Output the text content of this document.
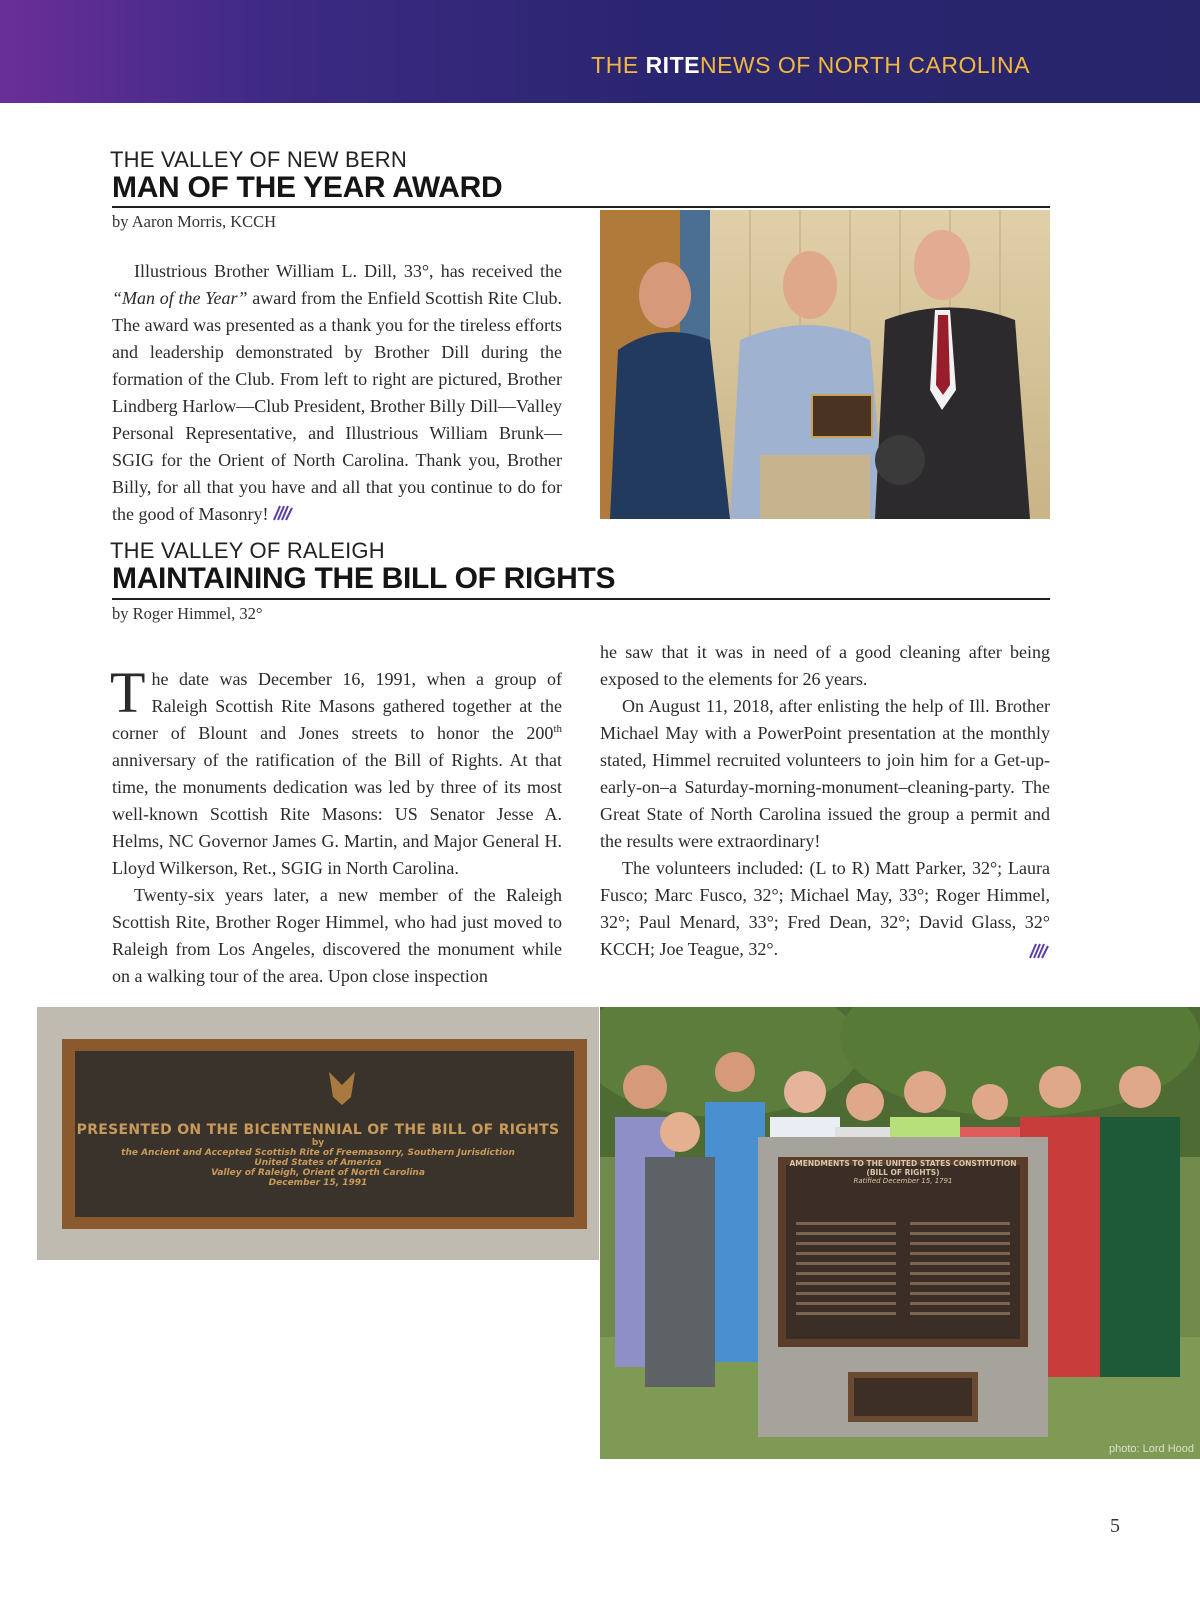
THE RITENEWS OF NORTH CAROLINA
THE VALLEY OF NEW BERN
MAN OF THE YEAR AWARD
by Aaron Morris, KCCH

Illustrious Brother William L. Dill, 33°, has received the “Man of the Year” award from the Enfield Scottish Rite Club. The award was presented as a thank you for the tireless efforts and leadership demonstrated by Brother Dill during the formation of the Club. From left to right are pictured, Brother Lindberg Harlow—Club President, Brother Billy Dill—Valley Personal Representative, and Illustrious William Brunk—SGIG for the Orient of North Carolina. Thank you, Brother Billy, for all that you have and all that you continue to do for the good of Masonry!

THE VALLEY OF RALEIGH
MAINTAINING THE BILL OF RIGHTS
by Roger Himmel, 32°

The date was December 16, 1991, when a group of Raleigh Scottish Rite Masons gathered together at the corner of Blount and Jones streets to honor the 200th anniversary of the ratification of the Bill of Rights. At that time, the monuments dedication was led by three of its most well-known Scottish Rite Masons: US Senator Jesse A. Helms, NC Governor James G. Martin, and Major General H. Lloyd Wilkerson, Ret., SGIG in North Carolina.

Twenty-six years later, a new member of the Raleigh Scottish Rite, Brother Roger Himmel, who had just moved to Raleigh from Los Angeles, discovered the monument while on a walking tour of the area. Upon close inspection

he saw that it was in need of a good cleaning after being exposed to the elements for 26 years.

On August 11, 2018, after enlisting the help of Ill. Brother Michael May with a PowerPoint presentation at the monthly stated, Himmel recruited volunteers to join him for a Get-up-early-on–a Saturday-morning-monument–cleaning-party. The Great State of North Carolina issued the group a permit and the results were extraordinary!

The volunteers included: (L to R) Matt Parker, 32°; Laura Fusco; Marc Fusco, 32°; Michael May, 33°; Roger Himmel, 32°; Paul Menard, 33°; Fred Dean, 32°; David Glass, 32° KCCH; Joe Teague, 32°.

PRESENTED ON THE BICENTENNIAL OF THE BILL OF RIGHTS
by
the Ancient and Accepted Scottish Rite of Freemasonry, Southern Jurisdiction
United States of America
Valley of Raleigh, Orient of North Carolina
December 15, 1991
AMENDMENTS TO THE UNITED STATES CONSTITUTION
(BILL OF RIGHTS)
Ratified December 15, 1791
photo: Lord Hood
5
